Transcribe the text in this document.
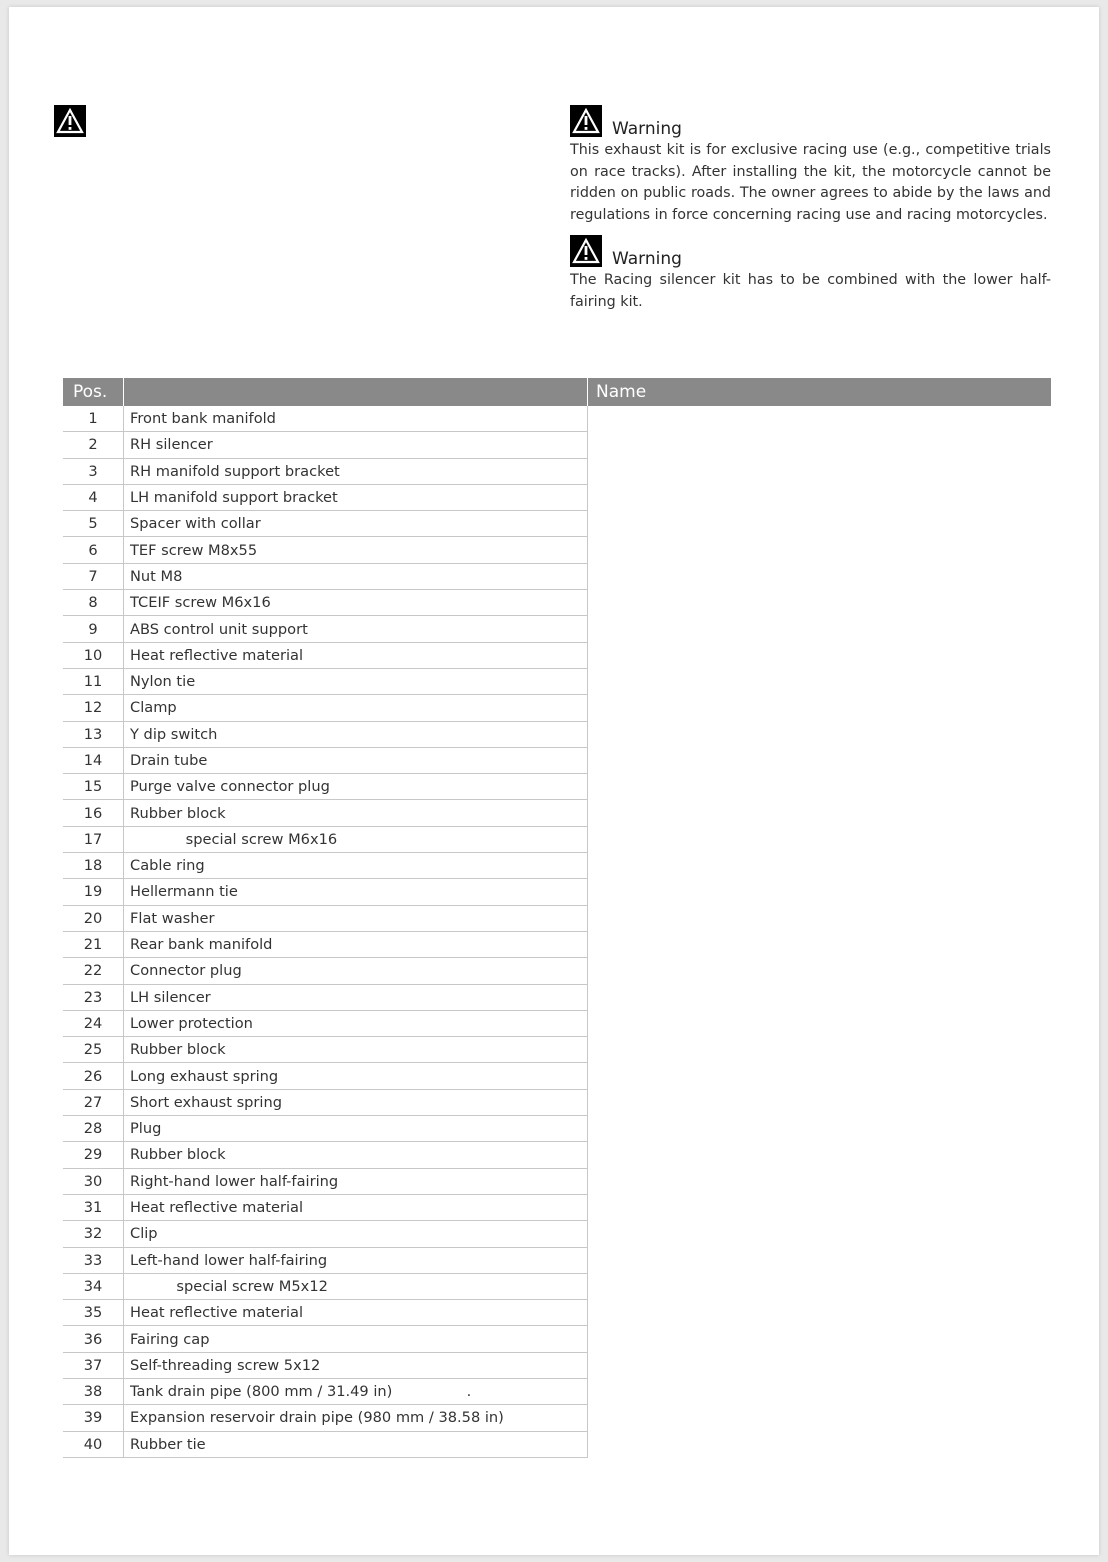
Warning
This exhaust kit is for exclusive racing use (e.g., competitive trials on race tracks). After installing the kit, the motorcycle cannot be ridden on public roads. The owner agrees to abide by the laws and regulations in force concerning racing use and racing motorcycles.
Warning
The Racing silencer kit has to be combined with the lower half-fairing kit.
Pos.		Name
1	Front bank manifold	
2	RH silencer	
3	RH manifold support bracket	
4	LH manifold support bracket	
5	Spacer with collar	
6	TEF screw M8x55	
7	Nut M8	
8	TCEIF screw M6x16	
9	ABS control unit support	
10	Heat reflective material	
11	Nylon tie	
12	Clamp	
13	Y dip switch	
14	Drain tube	
15	Purge valve connector plug	
16	Rubber block	
17	special screw M6x16	
18	Cable ring	
19	Hellermann tie	
20	Flat washer	
21	Rear bank manifold	
22	Connector plug	
23	LH silencer	
24	Lower protection	
25	Rubber block	
26	Long exhaust spring	
27	Short exhaust spring	
28	Plug	
29	Rubber block	
30	Right-hand lower half-fairing	
31	Heat reflective material	
32	Clip	
33	Left-hand lower half-fairing	
34	special screw M5x12	
35	Heat reflective material	
36	Fairing cap	
37	Self-threading screw 5x12	
38	Tank drain pipe (800 mm / 31.49 in)                .	
39	Expansion reservoir drain pipe (980 mm / 38.58 in)	
40	Rubber tie	
